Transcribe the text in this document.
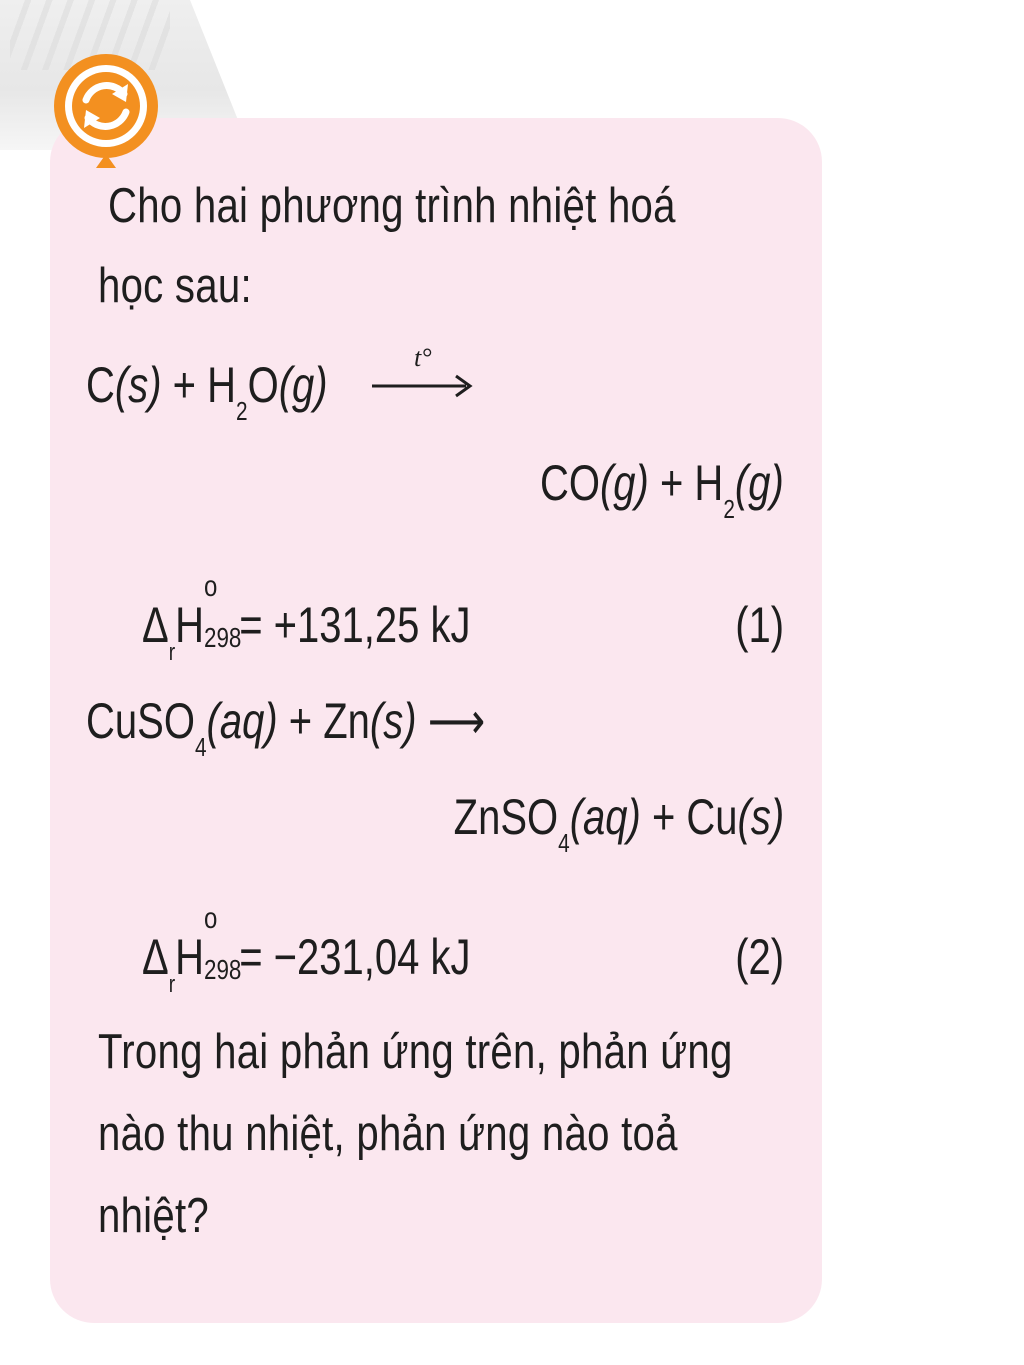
Cho hai phương trình nhiệt hoá
học sau:
$C(s) + H_2O(g)$	t°
$CO(g) + H_2(g)$
$\Delta_rH$
o
298
= +131,25 kJ	(1)
CuSO$_4$(aq) + Zn(s) ⟶
ZnSO$_4$(aq) + Cu(s)
$\Delta_rH$
o
298
= −231,04 kJ	(2)
Trong hai phản ứng trên, phản ứng
nào thu nhiệt, phản ứng nào toả
nhiệt?
